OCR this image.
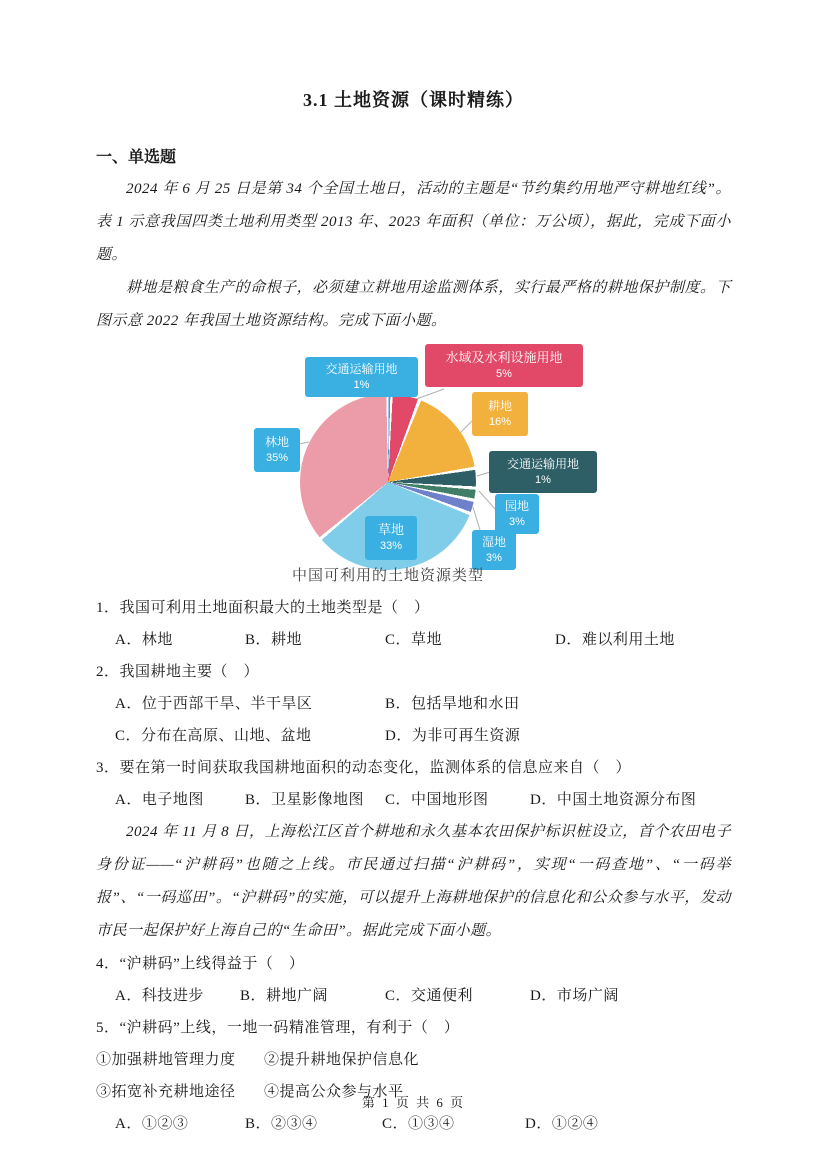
3.1 土地资源（课时精练）
一、单选题

2024 年 6 月 25 日是第 34 个全国土地日，活动的主题是“节约集约用地严守耕地红线”。表 1 示意我国四类土地利用类型 2013 年、2023 年面积（单位：万公顷），据此，完成下面小题。

耕地是粮食生产的命根子，必须建立耕地用途监测体系，实行最严格的耕地保护制度。下图示意 2022 年我国土地资源结构。完成下面小题。

交通运输用地
1%
水域及水利设施用地
5%
耕地
16%
交通运输用地
1%
园地
3%
湿地
3%
草地
33%
林地
35%
中国可利用的土地资源类型

1．我国可利用土地面积最大的土地类型是（　）

A．林地	B．耕地	C．草地	D．难以利用土地

2．我国耕地主要（　）

A．位于西部干旱、半干旱区	B．包括旱地和水田
C．分布在高原、山地、盆地	D．为非可再生资源

3．要在第一时间获取我国耕地面积的动态变化，监测体系的信息应来自（　）

A．电子地图	B．卫星影像地图	C．中国地形图	D．中国土地资源分布图

2024 年 11 月 8 日，上海松江区首个耕地和永久基本农田保护标识桩设立，首个农田电子身份证——“沪耕码”也随之上线。市民通过扫描“沪耕码”，实现“一码查地”、“一码举报”、“一码巡田”。“沪耕码”的实施，可以提升上海耕地保护的信息化和公众参与水平，发动市民一起保护好上海自己的“生命田”。据此完成下面小题。

4．“沪耕码”上线得益于（　）

A．科技进步	B．耕地广阔	C．交通便利	D．市场广阔

5．“沪耕码”上线，一地一码精准管理，有利于（　）

①加强耕地管理力度	②提升耕地保护信息化
③拓宽补充耕地途径	④提高公众参与水平
A．①②③	B．②③④	C．①③④	D．①②④
第 1 页 共 6 页
